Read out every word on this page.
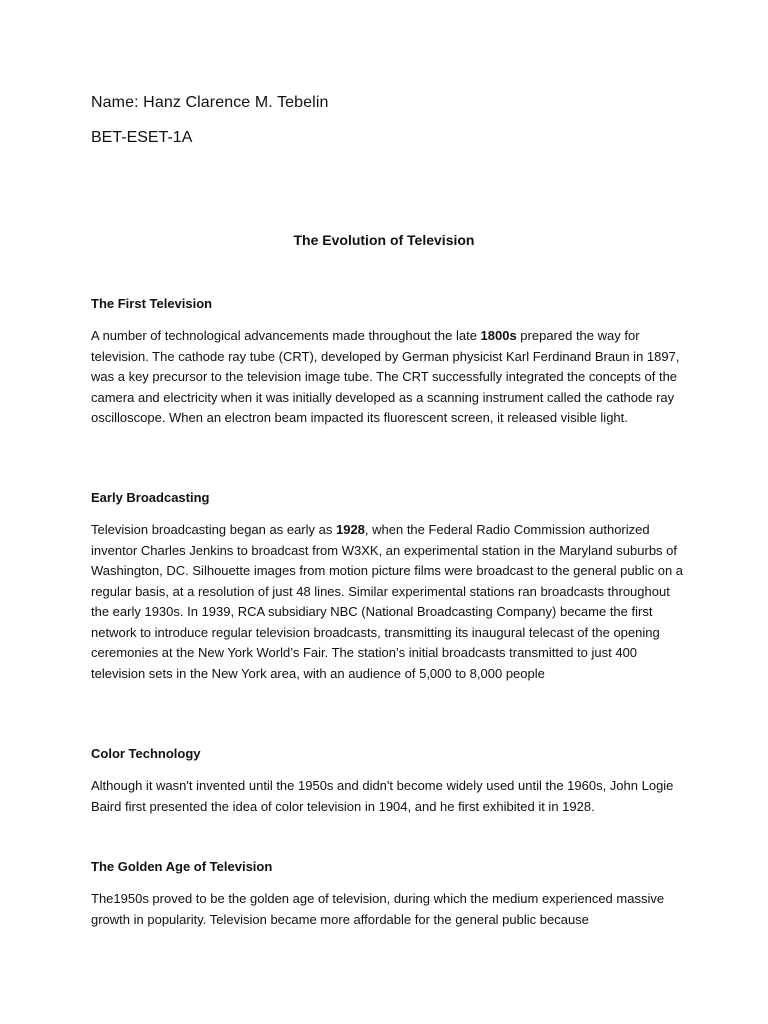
Name: Hanz Clarence M. Tebelin
BET-ESET-1A
The Evolution of Television
The First Television
A number of technological advancements made throughout the late 1800s prepared the way for television. The cathode ray tube (CRT), developed by German physicist Karl Ferdinand Braun in 1897, was a key precursor to the television image tube. The CRT successfully integrated the concepts of the camera and electricity when it was initially developed as a scanning instrument called the cathode ray oscilloscope. When an electron beam impacted its fluorescent screen, it released visible light.
Early Broadcasting
Television broadcasting began as early as 1928, when the Federal Radio Commission authorized inventor Charles Jenkins to broadcast from W3XK, an experimental station in the Maryland suburbs of Washington, DC. Silhouette images from motion picture films were broadcast to the general public on a regular basis, at a resolution of just 48 lines. Similar experimental stations ran broadcasts throughout the early 1930s. In 1939, RCA subsidiary NBC (National Broadcasting Company) became the first network to introduce regular television broadcasts, transmitting its inaugural telecast of the opening ceremonies at the New York World’s Fair. The station’s initial broadcasts transmitted to just 400 television sets in the New York area, with an audience of 5,000 to 8,000 people
Color Technology
Although it wasn't invented until the 1950s and didn't become widely used until the 1960s, John Logie Baird first presented the idea of color television in 1904, and he first exhibited it in 1928.
The Golden Age of Television
The1950s proved to be the golden age of television, during which the medium experienced massive growth in popularity. Television became more affordable for the general public because
